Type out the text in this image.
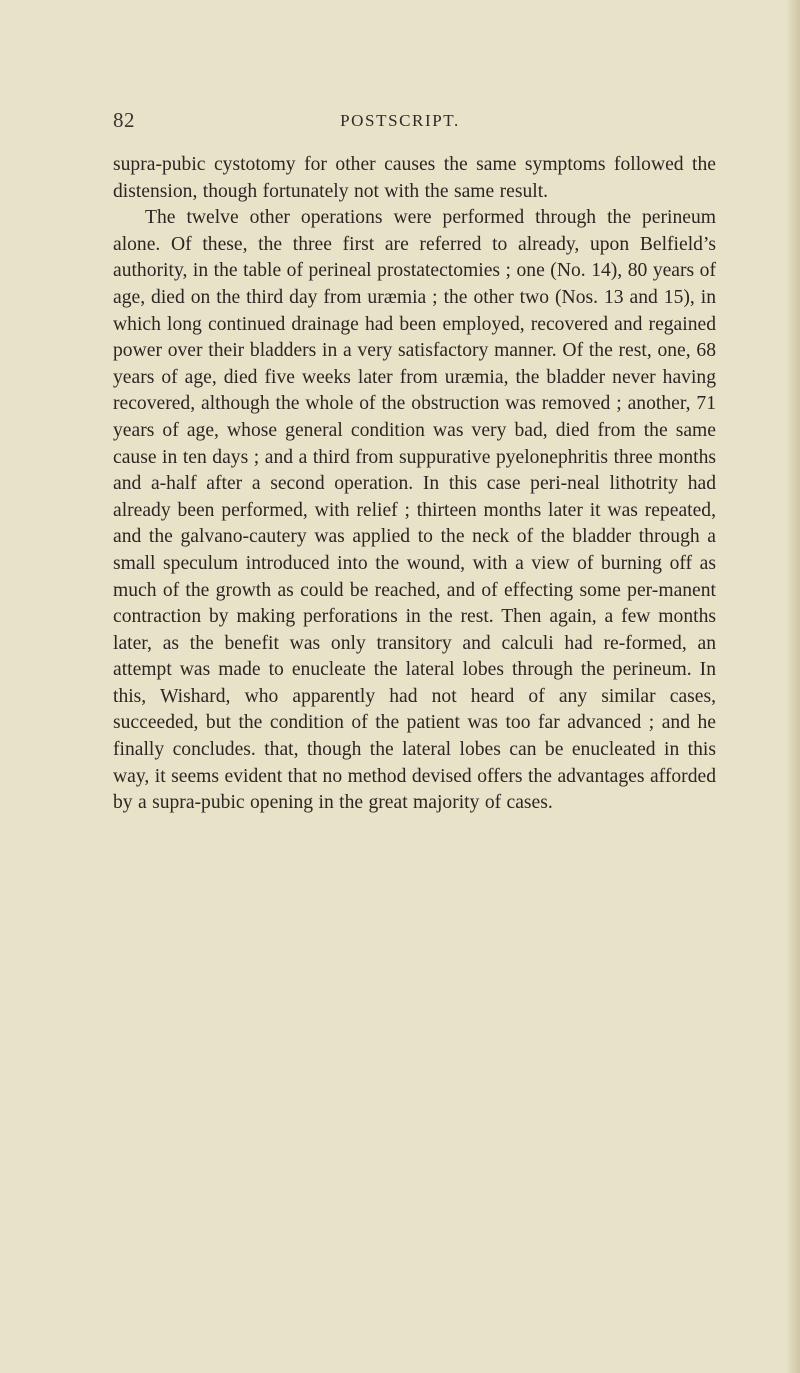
82	POSTSCRIPT.

supra-pubic cystotomy for other causes the same symptoms followed the distension, though fortunately not with the same result.

The twelve other operations were performed through the perineum alone. Of these, the three first are referred to already, upon Belfield’s authority, in the table of perineal prostatectomies ; one (No. 14), 80 years of age, died on the third day from uræmia ; the other two (Nos. 13 and 15), in which long continued drainage had been employed, recovered and regained power over their bladders in a very satisfactory manner. Of the rest, one, 68 years of age, died five weeks later from uræmia, the bladder never having recovered, although the whole of the obstruction was removed ; another, 71 years of age, whose general condition was very bad, died from the same cause in ten days ; and a third from suppurative pyelonephritis three months and a-half after a second operation. In this case peri-neal lithotrity had already been performed, with relief ; thirteen months later it was repeated, and the galvano-cautery was applied to the neck of the bladder through a small speculum introduced into the wound, with a view of burning off as much of the growth as could be reached, and of effecting some per-manent contraction by making perforations in the rest. Then again, a few months later, as the benefit was only transitory and calculi had re-formed, an attempt was made to enucleate the lateral lobes through the perineum. In this, Wishard, who apparently had not heard of any similar cases, succeeded, but the condition of the patient was too far advanced ; and he finally concludes. that, though the lateral lobes can be enucleated in this way, it seems evident that no method devised offers the advantages afforded by a supra-pubic opening in the great majority of cases.
